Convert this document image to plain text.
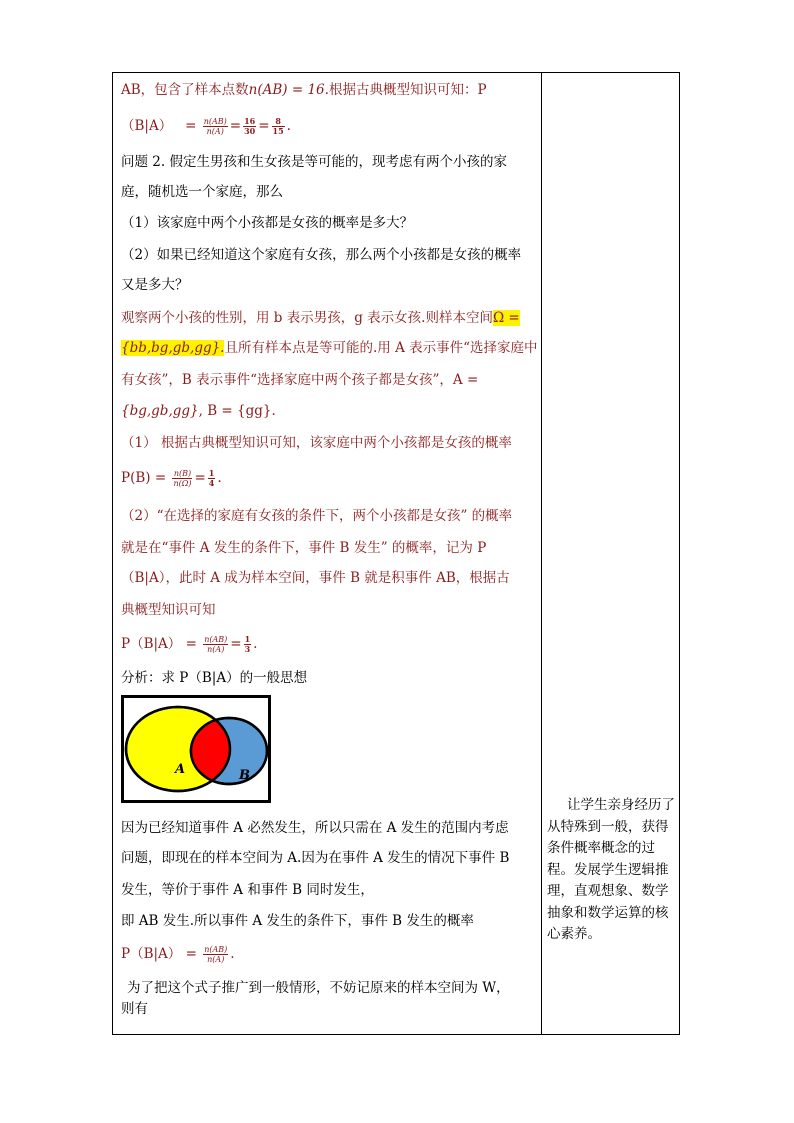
AB，包含了样本点数n(AB) = 16.根据古典概型知识可知：P
$(B|A) = \frac{n(AB)}{n(A)} = \frac{16}{30} = \frac{8}{15}$ .
问题 2. 假定生男孩和生女孩是等可能的，现考虑有两个小孩的家
庭，随机选一个家庭，那么
（1）该家庭中两个小孩都是女孩的概率是多大？
（2）如果已经知道这个家庭有女孩，那么两个小孩都是女孩的概率
又是多大？
观察两个小孩的性别，用 b 表示男孩，g 表示女孩.则样本空间Ω =
{bb,bg,gb,gg}.且所有样本点是等可能的.用 A 表示事件“选择家庭中
有女孩”，B 表示事件“选择家庭中两个孩子都是女孩”，A =
{bg,gb,gg}, B = {gg}.
（1） 根据古典概型知识可知，该家庭中两个小孩都是女孩的概率
$P(B) = \frac{n(B)}{n(\Omega)} = \frac{1}{4}$ .
（2）“在选择的家庭有女孩的条件下，两个小孩都是女孩” 的概率
就是在“事件 A 发生的条件下，事件 B 发生” 的概率，记为 P
（B|A），此时 A 成为样本空间，事件 B 就是积事件 AB，根据古
典概型知识可知
$P(B|A) = \frac{n(AB)}{n(A)} = \frac{1}{3}$ .
分析：求 P（B|A）的一般思想
A	B
因为已经知道事件 A 必然发生，所以只需在 A 发生的范围内考虑
问题，即现在的样本空间为 A.因为在事件 A 发生的情况下事件 B
发生，等价于事件 A 和事件 B 同时发生，
即 AB 发生.所以事件 A 发生的条件下，事件 B 发生的概率
$P(B|A) = \frac{n(AB)}{n(A)}$ .
为了把这个式子推广到一般情形，不妨记原来的样本空间为 W，
则有
让学生亲身经历了从特殊到一般，获得条件概率概念的过程。发展学生逻辑推理，直观想象、数学抽象和数学运算的核心素养。
